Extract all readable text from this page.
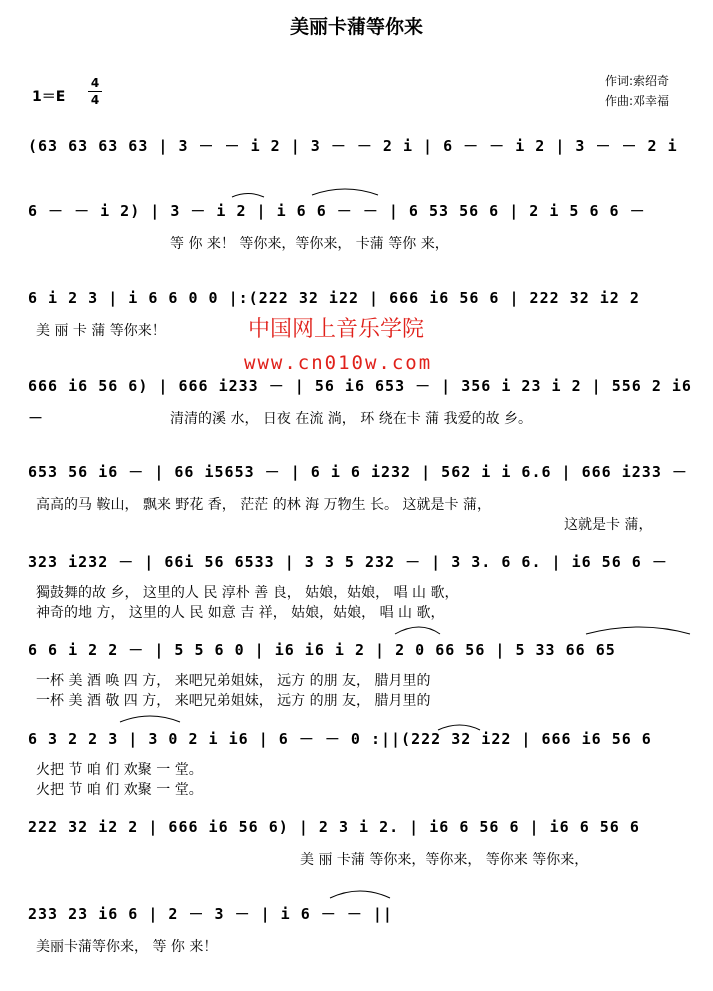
美丽卡蒲等你来
1＝E
4
4
作词:索绍奇
作曲:邓幸福
(63 63 63 63 | 3 － － i 2 | 3 － － 2 i | 6 － － i 2 | 3 － － 2 i
6 － － i 2) | 3 － i 2 | i 6 6 － － | 6 53 56 6 | 2 i 5 6 6 －
等 你 来！ 等你来，等你来， 卡蒲 等你 来，
6 i 2 3 | i 6 6 0 0 |:(222 32 i22 | 666 i6 56 6 | 222 32 i2 2
美 丽 卡 蒲 等你来！
666 i6 56 6) | 666 i233 － | 56 i6 653 － | 356 i 23 i 2 | 556 2 i6 －	清清的溪 水， 日夜 在流 淌， 环 绕在卡 蒲 我爱的故 乡。
653 56 i6 － | 66 i5653 － | 6 i 6 i232 | 562 i i 6.6 | 666 i233 －
高高的马 鞍山， 飘来 野花 香， 茫茫 的林 海 万物生 长。 这就是卡 蒲，
这就是卡 蒲，
323 i232 － | 66i 56 6533 | 3 3 5 232 － | 3 3. 6 6. | i6 56 6 －
獨鼓舞的故 乡， 这里的人 民 淳朴 善 良， 姑娘，姑娘， 唱 山 歌，
神奇的地 方， 这里的人 民 如意 吉 祥， 姑娘，姑娘， 唱 山 歌，
6 6 i 2 2 － | 5 5 6 0 | i6 i6 i 2 | 2 0 66 56 | 5 33 66 65
一杯 美 酒 唤 四 方， 来吧兄弟姐妹， 远方 的朋 友， 腊月里的
一杯 美 酒 敬 四 方， 来吧兄弟姐妹， 远方 的朋 友， 腊月里的
6 3 2 2 3 | 3 0 2 i i6 | 6 － － 0 :||(222 32 i22 | 666 i6 56 6
火把 节 咱 们 欢聚 一 堂。
火把 节 咱 们 欢聚 一 堂。
222 32 i2 2 | 666 i6 56 6) | 2 3 i 2. | i6 6 56 6 | i6 6 56 6
美 丽 卡蒲 等你来，等你来， 等你来 等你来，
233 23 i6 6 | 2 － 3 － | i 6 － － ||
美丽卡蒲等你来， 等 你 来！
中国网上音乐学院
www.cn010w.com
